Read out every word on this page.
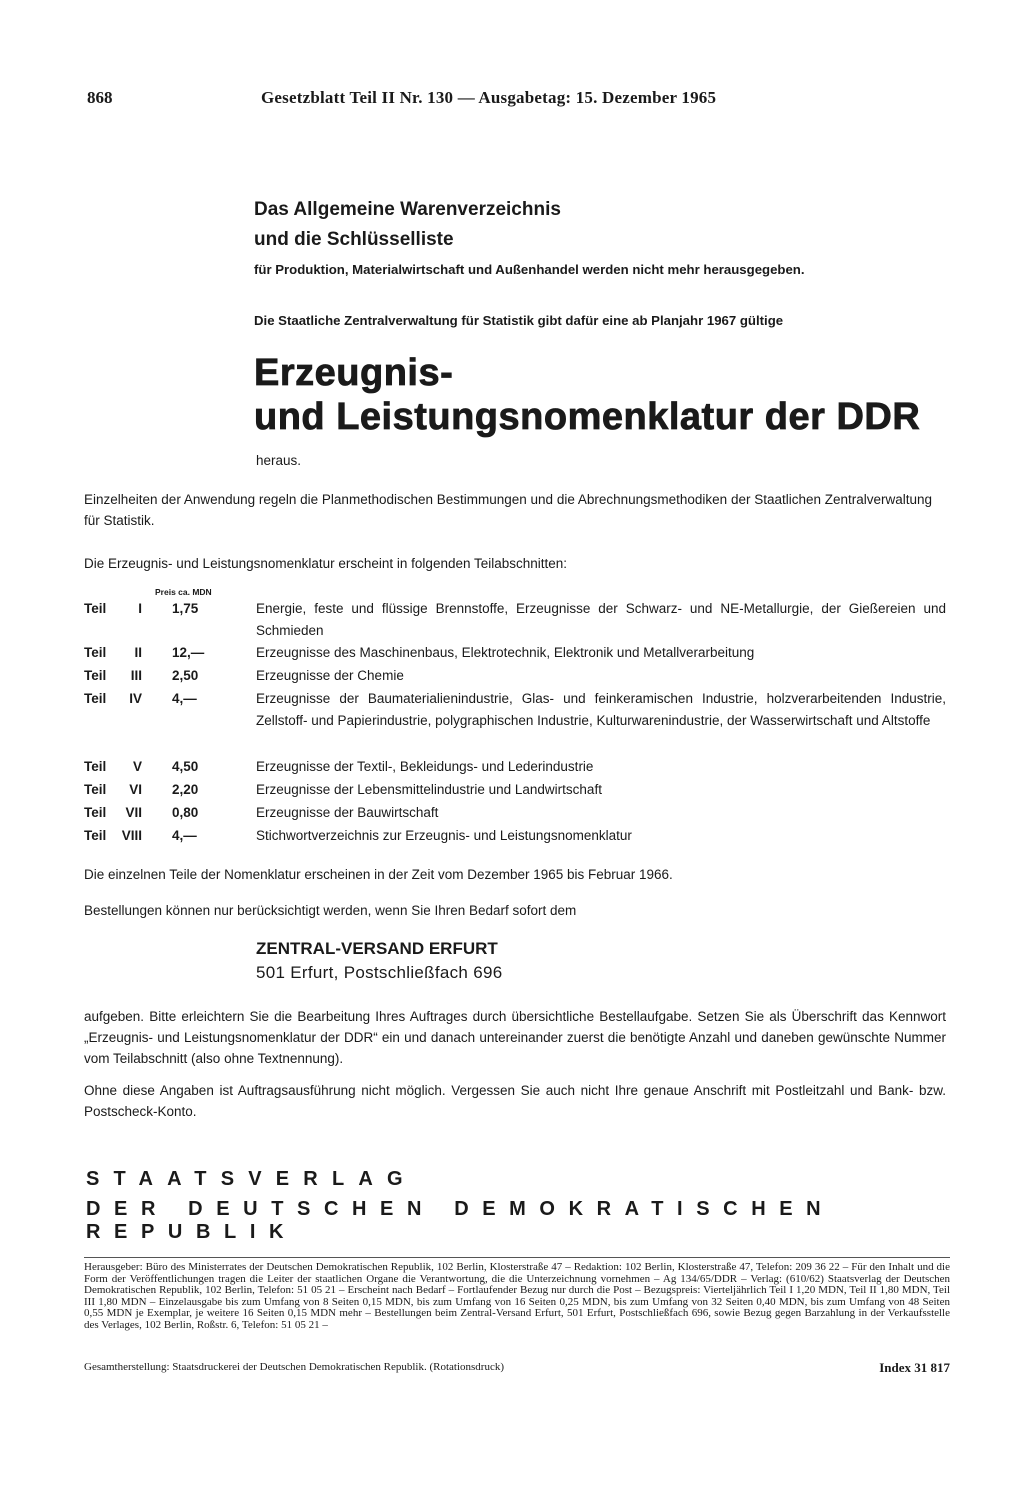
868	Gesetzblatt Teil II Nr. 130 — Ausgabetag: 15. Dezember 1965
Das Allgemeine Warenverzeichnis
und die Schlüsselliste
für Produktion, Materialwirtschaft und Außenhandel werden nicht mehr herausgegeben.
Die Staatliche Zentralverwaltung für Statistik gibt dafür eine ab Planjahr 1967 gültige
Erzeugnis-
und Leistungsnomenklatur der DDR
heraus.
Einzelheiten der Anwendung regeln die Planmethodischen Bestimmungen und die Abrechnungsmethodiken der Staatlichen Zentralverwaltung für Statistik.
Die Erzeugnis- und Leistungsnomenklatur erscheint in folgenden Teilabschnitten:
Preis ca. MDN
Teil	I 1,75	Energie, feste und flüssige Brennstoffe, Erzeugnisse der Schwarz- und NE-Metallurgie, der Gießereien und Schmieden
Teil	II 12,—	Erzeugnisse des Maschinenbaus, Elektrotechnik, Elektronik und Metallverarbeitung
Teil	III 2,50	Erzeugnisse der Chemie
Teil	IV 4,—	Erzeugnisse der Baumaterialienindustrie, Glas- und feinkeramischen Industrie, holzverarbeitenden Industrie, Zellstoff- und Papierindustrie, polygraphischen Industrie, Kulturwarenindustrie, der Wasserwirtschaft und Altstoffe
Teil	V 4,50	Erzeugnisse der Textil-, Bekleidungs- und Lederindustrie
Teil	VI 2,20	Erzeugnisse der Lebensmittelindustrie und Landwirtschaft
Teil	VII 0,80	Erzeugnisse der Bauwirtschaft
Teil	VIII 4,—	Stichwortverzeichnis zur Erzeugnis- und Leistungsnomenklatur
Die einzelnen Teile der Nomenklatur erscheinen in der Zeit vom Dezember 1965 bis Februar 1966.
Bestellungen können nur berücksichtigt werden, wenn Sie Ihren Bedarf sofort dem
ZENTRAL-VERSAND ERFURT
501 Erfurt, Postschließfach 696
aufgeben. Bitte erleichtern Sie die Bearbeitung Ihres Auftrages durch übersichtliche Bestellaufgabe. Setzen Sie als Überschrift das Kennwort „Erzeugnis- und Leistungsnomenklatur der DDR“ ein und danach untereinander zuerst die benötigte Anzahl und daneben gewünschte Nummer vom Teilabschnitt (also ohne Textnennung).
Ohne diese Angaben ist Auftragsausführung nicht möglich. Vergessen Sie auch nicht Ihre genaue Anschrift mit Postleitzahl und Bank- bzw. Postscheck-Konto.
STAATSVERLAG
DER DEUTSCHEN DEMOKRATISCHEN REPUBLIK
Herausgeber: Büro des Ministerrates der Deutschen Demokratischen Republik, 102 Berlin, Klosterstraße 47 – Redaktion: 102 Berlin, Klosterstraße 47, Telefon: 209 36 22 – Für den Inhalt und die Form der Veröffentlichungen tragen die Leiter der staatlichen Organe die Verantwortung, die die Unterzeichnung vornehmen – Ag 134/65/DDR – Verlag: (610/62) Staatsverlag der Deutschen Demokratischen Republik, 102 Berlin, Telefon: 51 05 21 – Erscheint nach Bedarf – Fortlaufender Bezug nur durch die Post – Bezugspreis: Vierteljährlich Teil I 1,20 MDN, Teil II 1,80 MDN, Teil III 1,80 MDN – Einzelausgabe bis zum Umfang von 8 Seiten 0,15 MDN, bis zum Umfang von 16 Seiten 0,25 MDN, bis zum Umfang von 32 Seiten 0,40 MDN, bis zum Umfang von 48 Seiten 0,55 MDN je Exemplar, je weitere 16 Seiten 0,15 MDN mehr – Bestellungen beim Zentral-Versand Erfurt, 501 Erfurt, Postschließfach 696, sowie Bezug gegen Barzahlung in der Verkaufsstelle des Verlages, 102 Berlin, Roßstr. 6, Telefon: 51 05 21 –
Gesamtherstellung: Staatsdruckerei der Deutschen Demokratischen Republik. (Rotationsdruck)	Index 31 817
